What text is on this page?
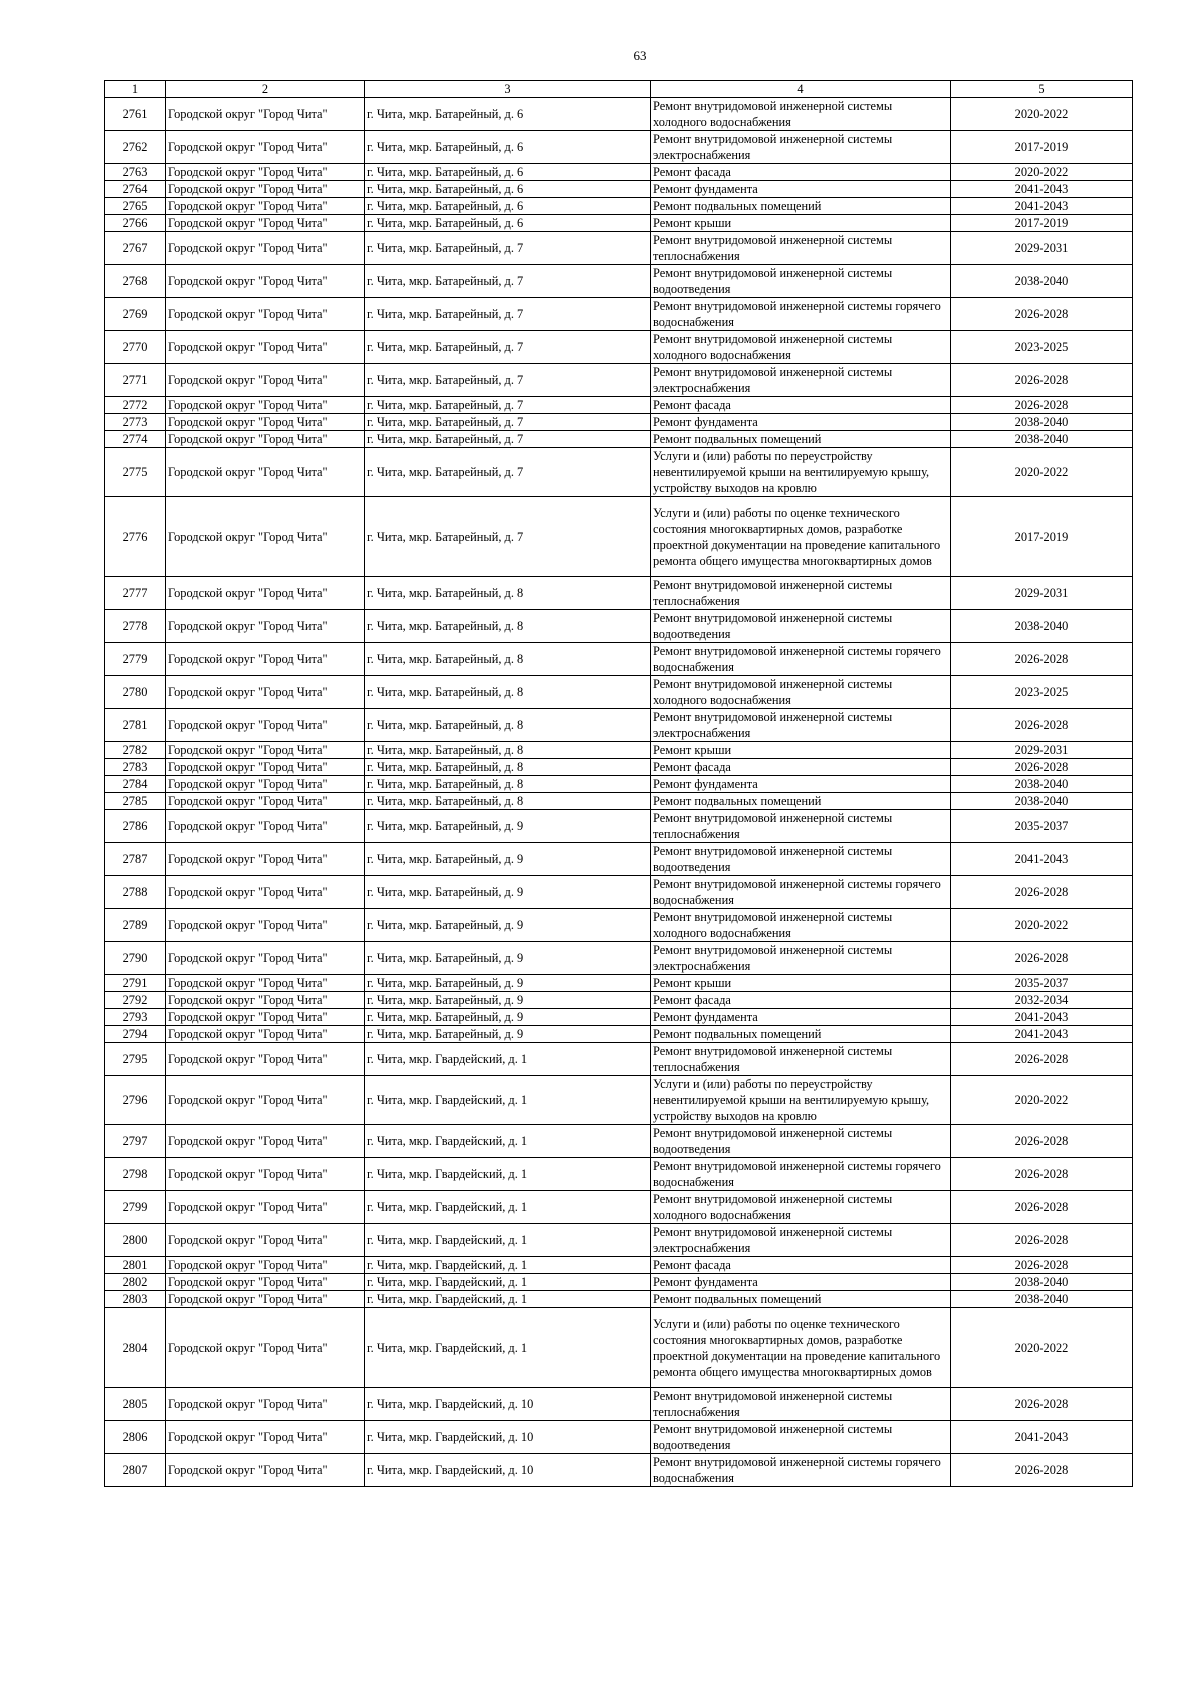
63
1	2	3	4	5
2761	Городской округ "Город Чита"	г. Чита, мкр. Батарейный, д. 6	Ремонт внутридомовой инженерной системы холодного водоснабжения	2020-2022
2762	Городской округ "Город Чита"	г. Чита, мкр. Батарейный, д. 6	Ремонт внутридомовой инженерной системы электроснабжения	2017-2019
2763	Городской округ "Город Чита"	г. Чита, мкр. Батарейный, д. 6	Ремонт фасада	2020-2022
2764	Городской округ "Город Чита"	г. Чита, мкр. Батарейный, д. 6	Ремонт фундамента	2041-2043
2765	Городской округ "Город Чита"	г. Чита, мкр. Батарейный, д. 6	Ремонт подвальных помещений	2041-2043
2766	Городской округ "Город Чита"	г. Чита, мкр. Батарейный, д. 6	Ремонт крыши	2017-2019
2767	Городской округ "Город Чита"	г. Чита, мкр. Батарейный, д. 7	Ремонт внутридомовой инженерной системы теплоснабжения	2029-2031
2768	Городской округ "Город Чита"	г. Чита, мкр. Батарейный, д. 7	Ремонт внутридомовой инженерной системы водоотведения	2038-2040
2769	Городской округ "Город Чита"	г. Чита, мкр. Батарейный, д. 7	Ремонт внутридомовой инженерной системы горячего водоснабжения	2026-2028
2770	Городской округ "Город Чита"	г. Чита, мкр. Батарейный, д. 7	Ремонт внутридомовой инженерной системы холодного водоснабжения	2023-2025
2771	Городской округ "Город Чита"	г. Чита, мкр. Батарейный, д. 7	Ремонт внутридомовой инженерной системы электроснабжения	2026-2028
2772	Городской округ "Город Чита"	г. Чита, мкр. Батарейный, д. 7	Ремонт фасада	2026-2028
2773	Городской округ "Город Чита"	г. Чита, мкр. Батарейный, д. 7	Ремонт фундамента	2038-2040
2774	Городской округ "Город Чита"	г. Чита, мкр. Батарейный, д. 7	Ремонт подвальных помещений	2038-2040
2775	Городской округ "Город Чита"	г. Чита, мкр. Батарейный, д. 7	Услуги и (или) работы по переустройству невентилируемой крыши на вентилируемую крышу, устройству выходов на кровлю	2020-2022
2776	Городской округ "Город Чита"	г. Чита, мкр. Батарейный, д. 7	Услуги и (или) работы по оценке технического состояния многоквартирных домов, разработке проектной документации на проведение капитального ремонта общего имущества многоквартирных домов	2017-2019
2777	Городской округ "Город Чита"	г. Чита, мкр. Батарейный, д. 8	Ремонт внутридомовой инженерной системы теплоснабжения	2029-2031
2778	Городской округ "Город Чита"	г. Чита, мкр. Батарейный, д. 8	Ремонт внутридомовой инженерной системы водоотведения	2038-2040
2779	Городской округ "Город Чита"	г. Чита, мкр. Батарейный, д. 8	Ремонт внутридомовой инженерной системы горячего водоснабжения	2026-2028
2780	Городской округ "Город Чита"	г. Чита, мкр. Батарейный, д. 8	Ремонт внутридомовой инженерной системы холодного водоснабжения	2023-2025
2781	Городской округ "Город Чита"	г. Чита, мкр. Батарейный, д. 8	Ремонт внутридомовой инженерной системы электроснабжения	2026-2028
2782	Городской округ "Город Чита"	г. Чита, мкр. Батарейный, д. 8	Ремонт крыши	2029-2031
2783	Городской округ "Город Чита"	г. Чита, мкр. Батарейный, д. 8	Ремонт фасада	2026-2028
2784	Городской округ "Город Чита"	г. Чита, мкр. Батарейный, д. 8	Ремонт фундамента	2038-2040
2785	Городской округ "Город Чита"	г. Чита, мкр. Батарейный, д. 8	Ремонт подвальных помещений	2038-2040
2786	Городской округ "Город Чита"	г. Чита, мкр. Батарейный, д. 9	Ремонт внутридомовой инженерной системы теплоснабжения	2035-2037
2787	Городской округ "Город Чита"	г. Чита, мкр. Батарейный, д. 9	Ремонт внутридомовой инженерной системы водоотведения	2041-2043
2788	Городской округ "Город Чита"	г. Чита, мкр. Батарейный, д. 9	Ремонт внутридомовой инженерной системы горячего водоснабжения	2026-2028
2789	Городской округ "Город Чита"	г. Чита, мкр. Батарейный, д. 9	Ремонт внутридомовой инженерной системы холодного водоснабжения	2020-2022
2790	Городской округ "Город Чита"	г. Чита, мкр. Батарейный, д. 9	Ремонт внутридомовой инженерной системы электроснабжения	2026-2028
2791	Городской округ "Город Чита"	г. Чита, мкр. Батарейный, д. 9	Ремонт крыши	2035-2037
2792	Городской округ "Город Чита"	г. Чита, мкр. Батарейный, д. 9	Ремонт фасада	2032-2034
2793	Городской округ "Город Чита"	г. Чита, мкр. Батарейный, д. 9	Ремонт фундамента	2041-2043
2794	Городской округ "Город Чита"	г. Чита, мкр. Батарейный, д. 9	Ремонт подвальных помещений	2041-2043
2795	Городской округ "Город Чита"	г. Чита, мкр. Гвардейский, д. 1	Ремонт внутридомовой инженерной системы теплоснабжения	2026-2028
2796	Городской округ "Город Чита"	г. Чита, мкр. Гвардейский, д. 1	Услуги и (или) работы по переустройству невентилируемой крыши на вентилируемую крышу, устройству выходов на кровлю	2020-2022
2797	Городской округ "Город Чита"	г. Чита, мкр. Гвардейский, д. 1	Ремонт внутридомовой инженерной системы водоотведения	2026-2028
2798	Городской округ "Город Чита"	г. Чита, мкр. Гвардейский, д. 1	Ремонт внутридомовой инженерной системы горячего водоснабжения	2026-2028
2799	Городской округ "Город Чита"	г. Чита, мкр. Гвардейский, д. 1	Ремонт внутридомовой инженерной системы холодного водоснабжения	2026-2028
2800	Городской округ "Город Чита"	г. Чита, мкр. Гвардейский, д. 1	Ремонт внутридомовой инженерной системы электроснабжения	2026-2028
2801	Городской округ "Город Чита"	г. Чита, мкр. Гвардейский, д. 1	Ремонт фасада	2026-2028
2802	Городской округ "Город Чита"	г. Чита, мкр. Гвардейский, д. 1	Ремонт фундамента	2038-2040
2803	Городской округ "Город Чита"	г. Чита, мкр. Гвардейский, д. 1	Ремонт подвальных помещений	2038-2040
2804	Городской округ "Город Чита"	г. Чита, мкр. Гвардейский, д. 1	Услуги и (или) работы по оценке технического состояния многоквартирных домов, разработке проектной документации на проведение капитального ремонта общего имущества многоквартирных домов	2020-2022
2805	Городской округ "Город Чита"	г. Чита, мкр. Гвардейский, д. 10	Ремонт внутридомовой инженерной системы теплоснабжения	2026-2028
2806	Городской округ "Город Чита"	г. Чита, мкр. Гвардейский, д. 10	Ремонт внутридомовой инженерной системы водоотведения	2041-2043
2807	Городской округ "Город Чита"	г. Чита, мкр. Гвардейский, д. 10	Ремонт внутридомовой инженерной системы горячего водоснабжения	2026-2028
